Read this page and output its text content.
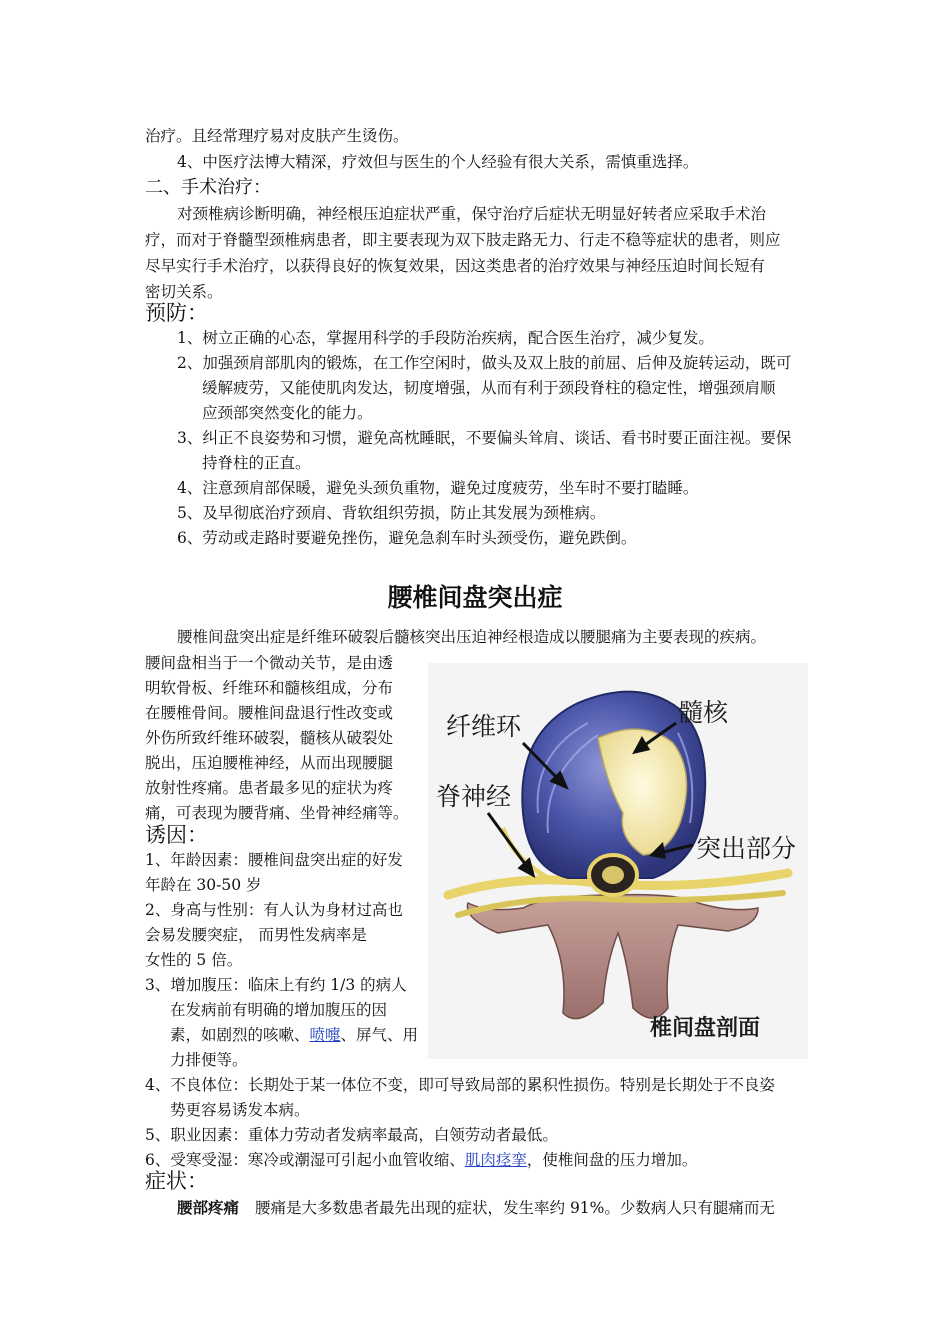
治疗。且经常理疗易对皮肤产生烫伤。
4、中医疗法博大精深，疗效但与医生的个人经验有很大关系，需慎重选择。
二、手术治疗：
对颈椎病诊断明确，神经根压迫症状严重，保守治疗后症状无明显好转者应采取手术治
疗，而对于脊髓型颈椎病患者，即主要表现为双下肢走路无力、行走不稳等症状的患者，则应
尽早实行手术治疗，以获得良好的恢复效果，因这类患者的治疗效果与神经压迫时间长短有
密切关系。
预防：
1、树立正确的心态，掌握用科学的手段防治疾病，配合医生治疗，减少复发。
2、加强颈肩部肌肉的锻炼，在工作空闲时，做头及双上肢的前屈、后伸及旋转运动，既可
缓解疲劳，又能使肌肉发达，韧度增强，从而有利于颈段脊柱的稳定性，增强颈肩顺
应颈部突然变化的能力。
3、纠正不良姿势和习惯，避免高枕睡眠，不要偏头耸肩、谈话、看书时要正面注视。要保
持脊柱的正直。
4、注意颈肩部保暖，避免头颈负重物，避免过度疲劳，坐车时不要打瞌睡。
5、及早彻底治疗颈肩、背软组织劳损，防止其发展为颈椎病。
6、劳动或走路时要避免挫伤，避免急刹车时头颈受伤，避免跌倒。
腰椎间盘突出症
腰椎间盘突出症是纤维环破裂后髓核突出压迫神经根造成以腰腿痛为主要表现的疾病。
腰间盘相当于一个微动关节，是由透
明软骨板、纤维环和髓核组成，分布
在腰椎骨间。腰椎间盘退行性改变或
外伤所致纤维环破裂，髓核从破裂处
脱出，压迫腰椎神经，从而出现腰腿
放射性疼痛。患者最多见的症状为疼
痛，可表现为腰背痛、坐骨神经痛等。
诱因：
1、年龄因素：腰椎间盘突出症的好发
年龄在 30-50 岁
2、身高与性别：有人认为身材过高也
会易发腰突症， 而男性发病率是
女性的 5 倍。
3、增加腹压：临床上有约 1/3 的病人
在发病前有明确的增加腹压的因
素，如剧烈的咳嗽、喷嚏、屏气、用
力排便等。
4、不良体位：长期处于某一体位不变，即可导致局部的累积性损伤。特别是长期处于不良姿
势更容易诱发本病。
5、职业因素：重体力劳动者发病率最高，白领劳动者最低。
6、受寒受湿：寒冷或潮湿可引起小血管收缩、肌肉痉挛，使椎间盘的压力增加。
症状：
腰部疼痛 腰痛是大多数患者最先出现的症状，发生率约 91%。少数病人只有腿痛而无
纤维环	髓核
脊神经
突出部分
椎间盘剖面
